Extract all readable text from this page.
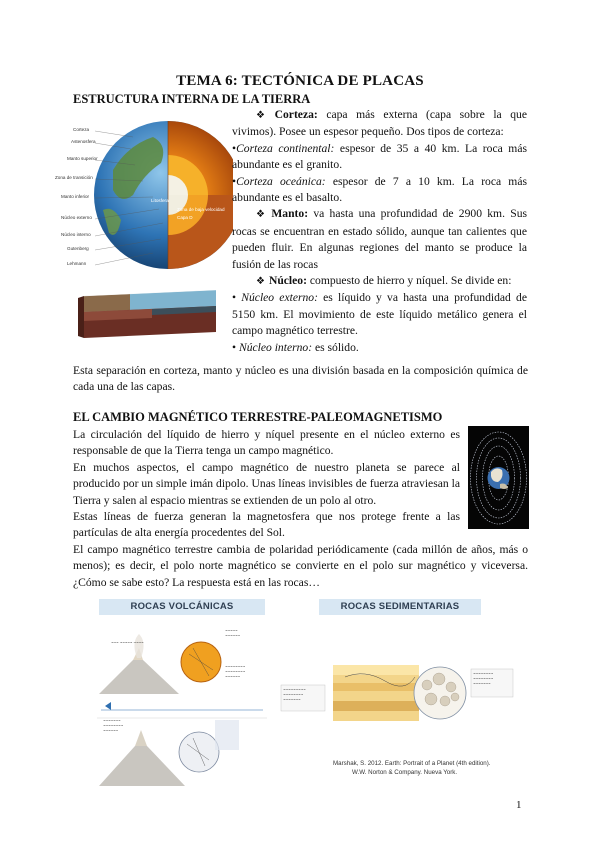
TEMA 6: TECTÓNICA DE PLACAS
ESTRUCTURA INTERNA DE LA TIERRA
Corteza
Astenosfera
Manto superior
Zona de transición
Manto inferior
Núcleo externo
Núcleo interno
Gutenberg
Lehmann
Litosfera
Zona de baja velocidad
Capa D

❖ Corteza: capa más externa (capa sobre la que vivimos). Posee un espesor pequeño. Dos tipos de corteza:

•Corteza continental: espesor de 35 a 40 km. La roca más abundante es el granito.

•Corteza oceánica: espesor de 7 a 10 km. La roca más abundante es el basalto.

❖ Manto: va hasta una profundidad de 2900 km. Sus rocas se encuentran en estado sólido, aunque tan calientes que pueden fluir. En algunas regiones del manto se produce la fusión de las rocas

❖ Núcleo: compuesto de hierro y níquel. Se divide en:

• Núcleo externo: es líquido y va hasta una profundidad de 5150 km. El movimiento de este líquido metálico genera el campo magnético terrestre.

• Núcleo interno: es sólido.

Esta separación en corteza, manto y núcleo es una división basada en la composición química de cada una de las capas.
EL CAMBIO MAGNÉTICO TERRESTRE-PALEOMAGNETISMO

La circulación del líquido de hierro y níquel presente en el núcleo externo es responsable de que la Tierra tenga un campo magnético.

En muchos aspectos, el campo magnético de nuestro planeta se parece al producido por un simple imán dipolo. Unas líneas invisibles de fuerza atraviesan la Tierra y salen al espacio mientras se extienden de un polo al otro.

Estas líneas de fuerza generan la magnetosfera que nos protege frente a las partículas de alta energía procedentes del Sol.

El campo magnético terrestre cambia de polaridad periódicamente (cada millón de años, más o menos); es decir, el polo norte magnético se convierte en el polo sur magnético y viceversa. ¿Cómo se sabe esto? La respuesta está en las rocas…
ROCAS VOLCÁNICAS
~~~ ~~~~~ ~~~~
~~~~~
~~~~~~
~~~~~~~~
~~~~~~~~
~~~~~~
~~~~~~~
~~~~~~~~
~~~~~~
ROCAS SEDIMENTARIAS
~~~~~~~~~
~~~~~~~~
~~~~~~~
~~~~~~~~
~~~~~~~~
~~~~~~~
Marshak, S. 2012. Earth: Portrait of a Planet (4th edition).
W.W. Norton & Company. Nueva York.
1
